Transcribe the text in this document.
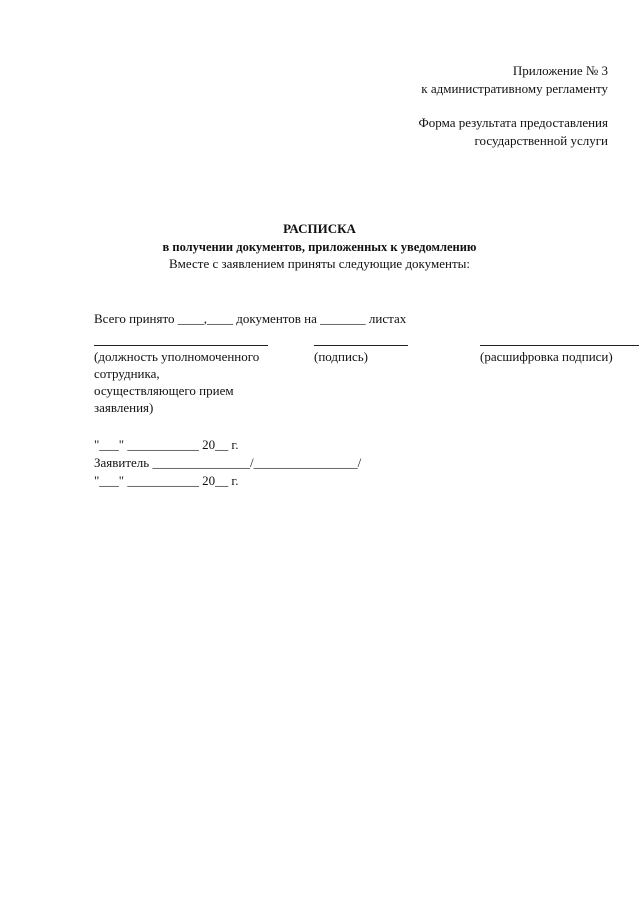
Приложение № 3
к административному регламенту
Форма результата предоставления
государственной услуги
РАСПИСКА
в получении документов, приложенных к уведомлению
Вместе с заявлением приняты следующие документы:
Всего принято ____,____ документов на _______ листах
(должность уполномоченного
сотрудника,
осуществляющего прием
заявления)
(подпись)	(расшифровка подписи)
"___" ___________ 20__ г.
Заявитель _______________/________________/
"___" ___________ 20__ г.
